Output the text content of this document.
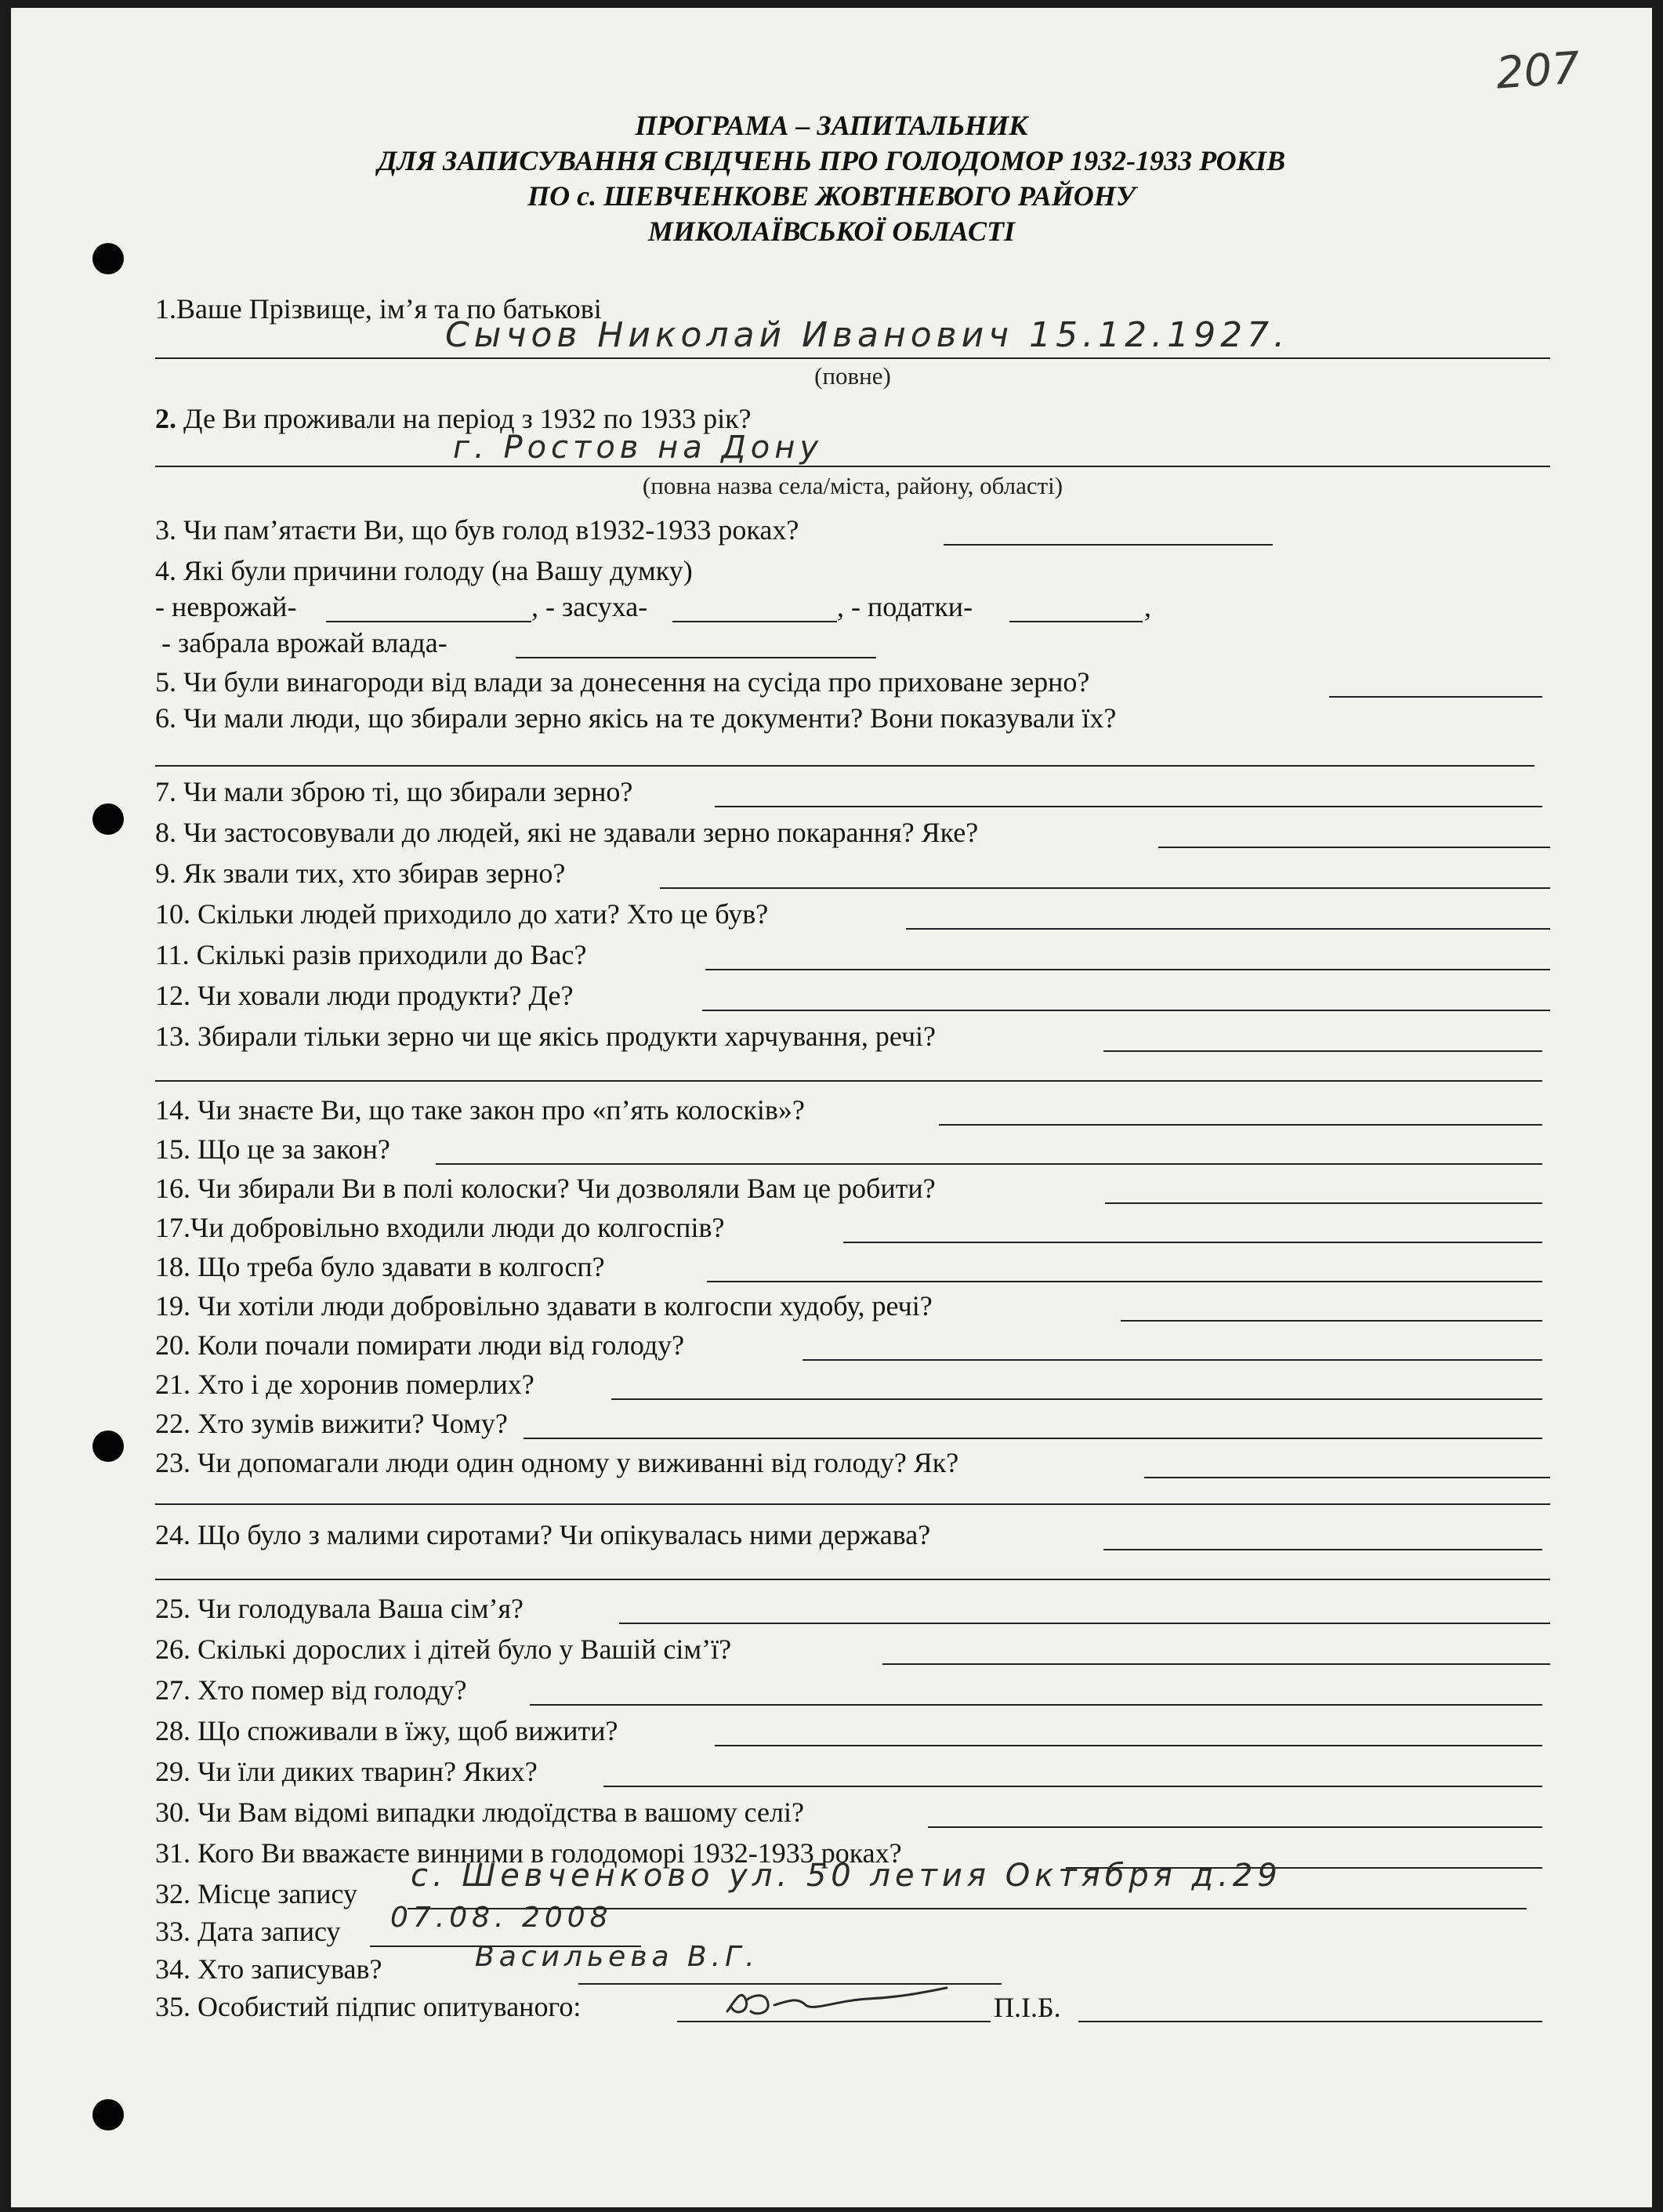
207
ПРОГРАМА – ЗАПИТАЛЬНИК
ДЛЯ ЗАПИСУВАННЯ СВІДЧЕНЬ ПРО ГОЛОДОМОР 1932-1933 РОКІВ
ПО с. ШЕВЧЕНКОВЕ ЖОВТНЕВОГО РАЙОНУ
МИКОЛАЇВСЬКОЇ ОБЛАСТІ
1.Ваше Прізвище, ім’я та по батькові
Сычов Николай Иванович 15.12.1927.
(повне)
2. Де Ви проживали на період з 1932 по 1933 рік?
г. Ростов на Дону
(повна назва села/міста, району, області)
3. Чи пам’ятаєти Ви, що був голод в1932-1933 роках?
4. Які були причини голоду (на Вашу думку)
- неврожай-	, - засуха-	, - податки-	,
- забрала врожай влада-
5. Чи були винагороди від влади за донесення на сусіда про приховане зерно?
6. Чи мали люди, що збирали зерно якісь на те документи? Вони показували їх?
7. Чи мали зброю ті, що збирали зерно?
8. Чи застосовували до людей, які не здавали зерно покарання? Яке?
9. Як звали тих, хто збирав зерно?
10. Скільки людей приходило до хати? Хто це був?
11. Скількі разів приходили до Вас?
12. Чи ховали люди продукти? Де?
13. Збирали тільки зерно чи ще якісь продукти харчування, речі?
14. Чи знаєте Ви, що таке закон про «п’ять колосків»?
15. Що це за закон?
16. Чи збирали Ви в полі колоски? Чи дозволяли Вам це робити?
17.Чи добровільно входили люди до колгоспів?
18. Що треба було здавати в колгосп?
19. Чи хотіли люди добровільно здавати в колгоспи худобу, речі?
20. Коли почали помирати люди від голоду?
21. Хто і де хоронив померлих?
22. Хто зумів вижити? Чому?
23. Чи допомагали люди один одному у виживанні від голоду? Як?
24. Що було з малими сиротами? Чи опікувалась ними держава?
25. Чи голодувала Ваша сім’я?
26. Скількі дорослих і дітей було у Вашій сім’ї?
27. Хто помер від голоду?
28. Що споживали в їжу, щоб вижити?
29. Чи їли диких тварин? Яких?
30. Чи Вам відомі випадки людоїдства в вашому селі?
31. Кого Ви вважаєте винними в голодоморі 1932-1933 роках?
32. Місце запису с. Шевченково ул. 50 летия Октября д.29
33. Дата запису 07.08. 2008
34. Хто записував?	Васильева В.Г.
35. Особистий підпис опитуваного:	П.І.Б.
